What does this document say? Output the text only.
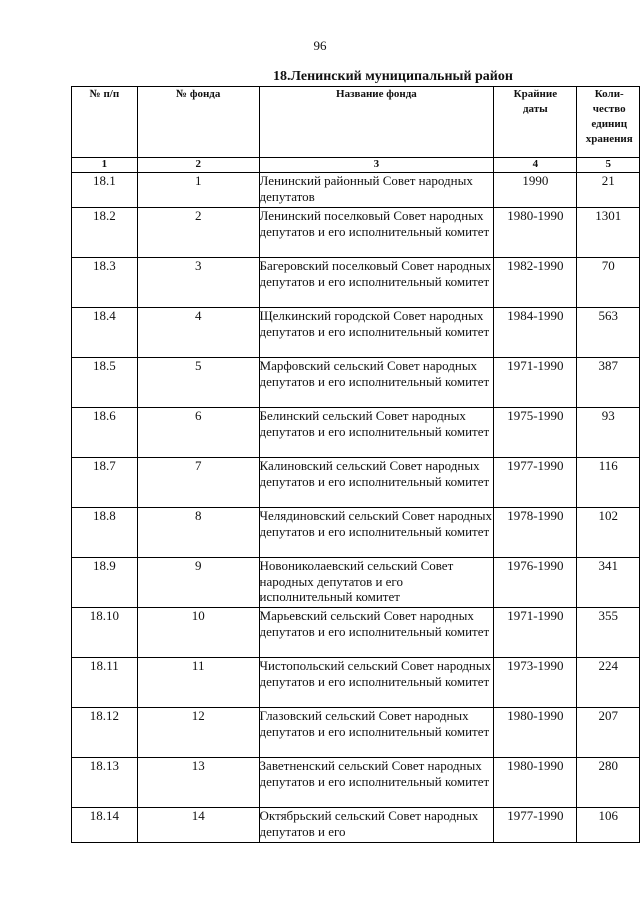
96
18.Ленинский муниципальный район
№ п/п	№ фонда	Название фонда	Крайние даты	Коли-чество единиц хранения
1	2	3	4	5
18.1	1	Ленинский районный Совет народных депутатов	1990	21
18.2	2	Ленинский поселковый Совет народных депутатов и его исполнительный комитет	1980-1990	1301
18.3	3	Багеровский поселковый Совет народных депутатов и его исполнительный комитет	1982-1990	70
18.4	4	Щелкинский городской Совет народных депутатов и его исполнительный комитет	1984-1990	563
18.5	5	Марфовский сельский Совет народных депутатов и его исполнительный комитет	1971-1990	387
18.6	6	Белинский сельский Совет народных депутатов и его исполнительный комитет	1975-1990	93
18.7	7	Калиновский сельский Совет народных депутатов и его исполнительный комитет	1977-1990	116
18.8	8	Челядиновский сельский Совет народных депутатов и его исполнительный комитет	1978-1990	102
18.9	9	Новониколаевский сельский Совет народных депутатов и его исполнительный комитет	1976-1990	341
18.10	10	Марьевский сельский Совет народных депутатов и его исполнительный комитет	1971-1990	355
18.11	11	Чистопольский сельский Совет народных депутатов и его исполнительный комитет	1973-1990	224
18.12	12	Глазовский сельский Совет народных депутатов и его исполнительный комитет	1980-1990	207
18.13	13	Заветненский сельский Совет народных депутатов и его исполнительный комитет	1980-1990	280
18.14	14	Октябрьский сельский Совет народных депутатов и его	1977-1990	106
